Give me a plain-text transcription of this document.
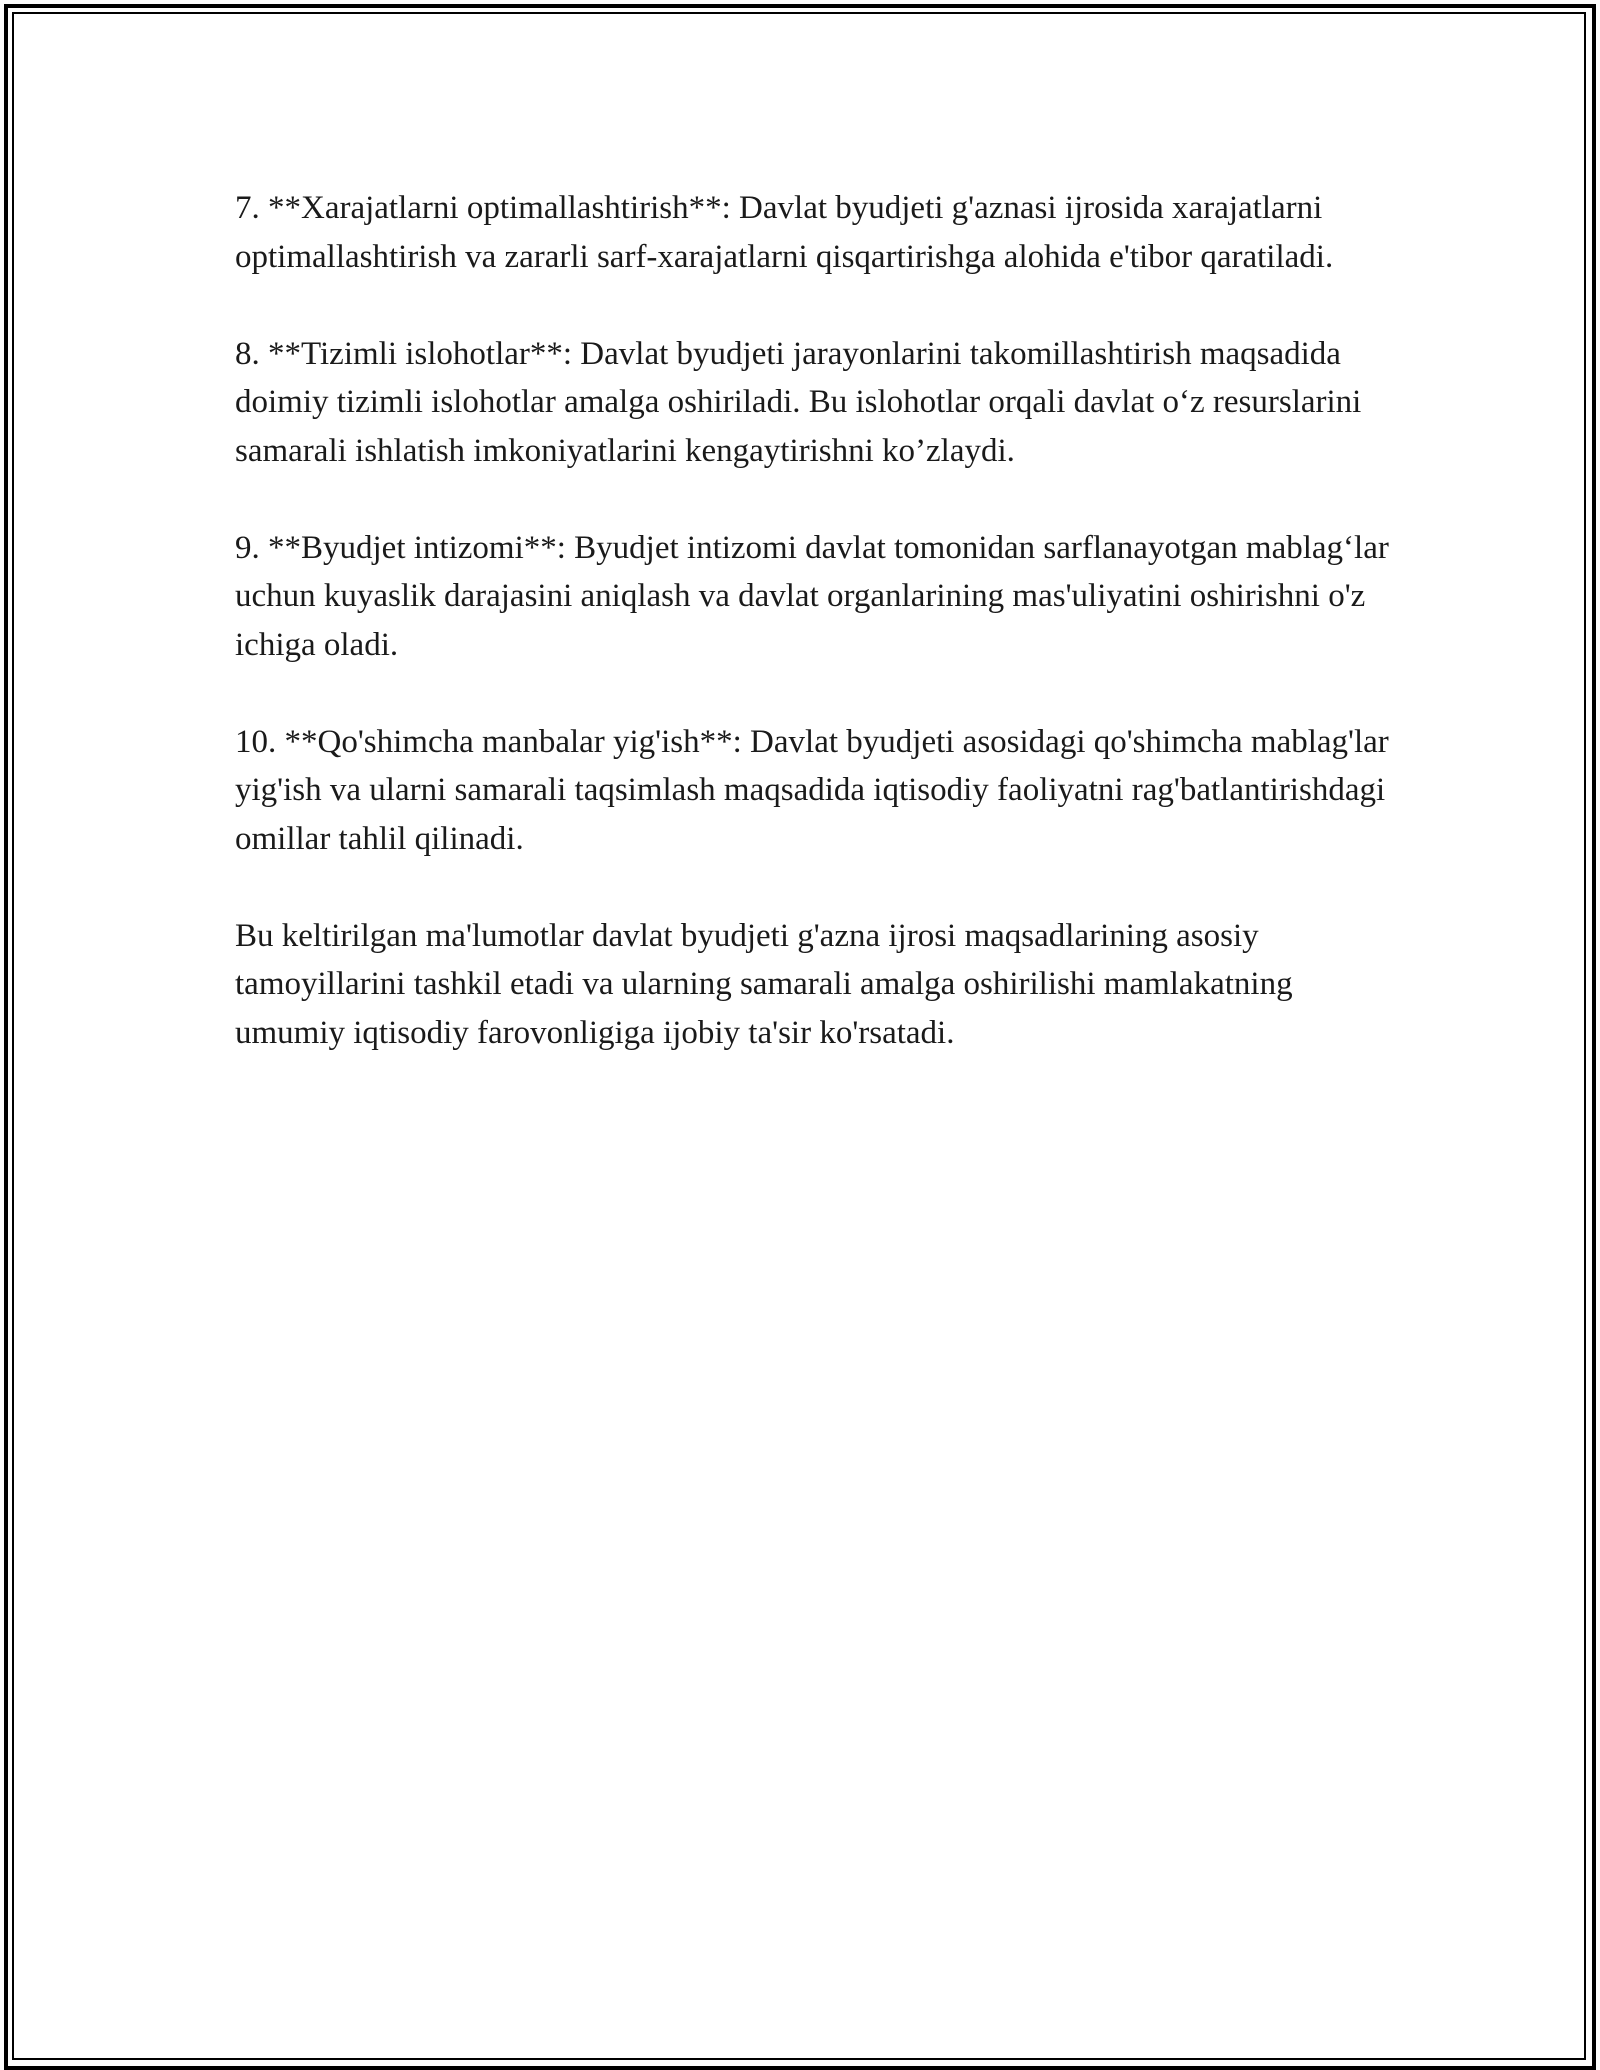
7. **Xarajatlarni optimallashtirish**: Davlat byudjeti g'aznasi ijrosida xarajatlarni optimallashtirish va zararli sarf-xarajatlarni qisqartirishga alohida e'tibor qaratiladi.

8. **Tizimli islohotlar**: Davlat byudjeti jarayonlarini takomillashtirish maqsadida doimiy tizimli islohotlar amalga oshiriladi. Bu islohotlar orqali davlat o‘z resurslarini samarali ishlatish imkoniyatlarini kengaytirishni ko’zlaydi.

9. **Byudjet intizomi**: Byudjet intizomi davlat tomonidan sarflanayotgan mablag‘lar uchun kuyaslik darajasini aniqlash va davlat organlarining mas'uliyatini oshirishni o'z ichiga oladi.

10. **Qo'shimcha manbalar yig'ish**: Davlat byudjeti asosidagi qo'shimcha mablag'lar yig'ish va ularni samarali taqsimlash maqsadida iqtisodiy faoliyatni rag'batlantirishdagi omillar tahlil qilinadi.

Bu keltirilgan ma'lumotlar davlat byudjeti g'azna ijrosi maqsadlarining asosiy tamoyillarini tashkil etadi va ularning samarali amalga oshirilishi mamlakatning umumiy iqtisodiy farovonligiga ijobiy ta'sir ko'rsatadi.
